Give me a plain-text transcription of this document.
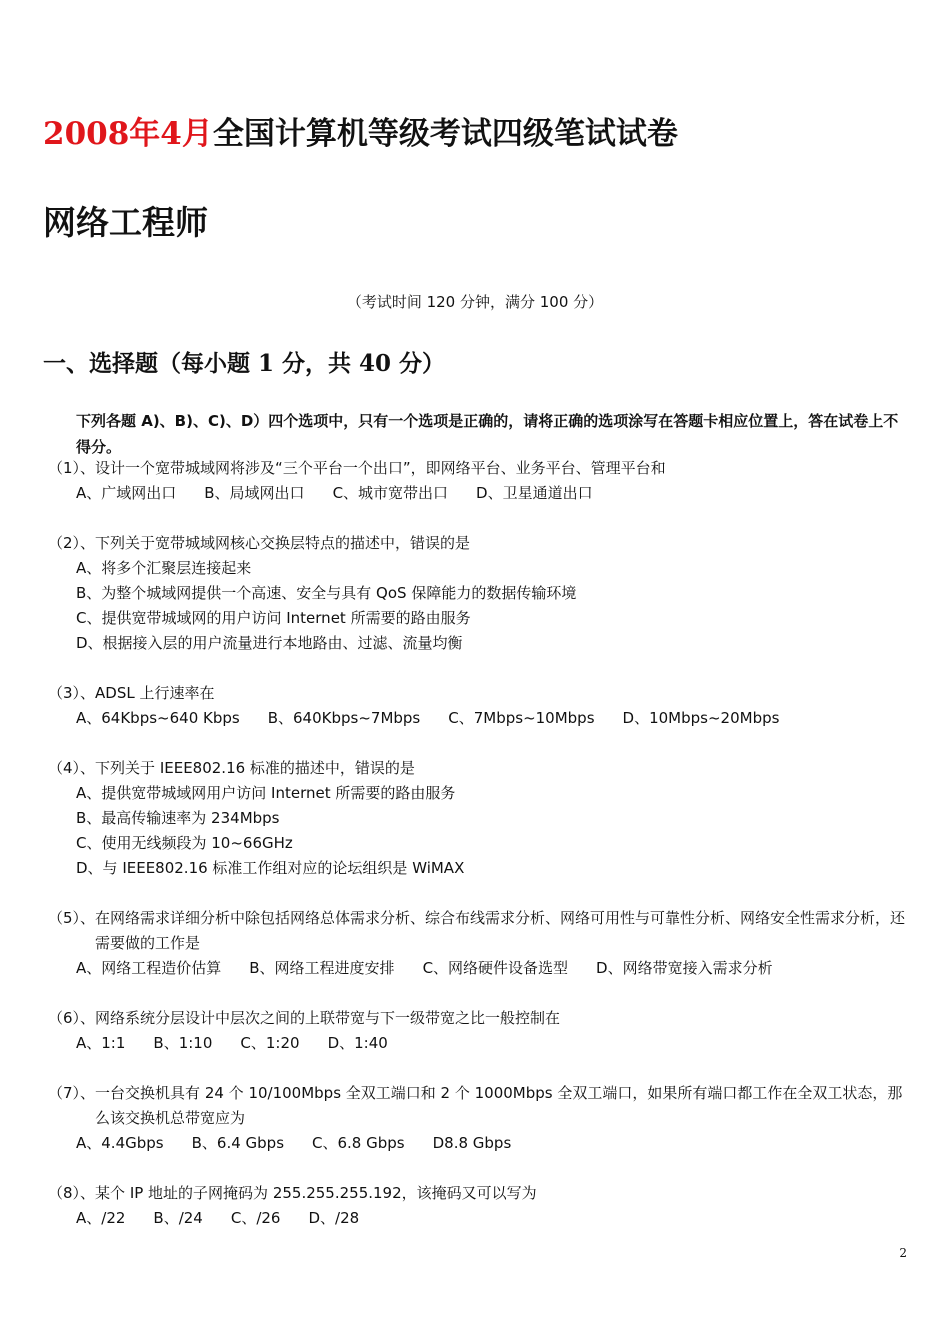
2008年4月全国计算机等级考试四级笔试试卷
网络工程师
（考试时间 120 分钟，满分 100 分）
一、选择题（每小题 1 分，共 40 分）
下列各题 A)、B)、C)、D）四个选项中，只有一个选项是正确的，请将正确的选项涂写在答题卡相应位置上，答在试卷上不得分。
（1）、 设计一个宽带城域网将涉及“三个平台一个出口”，即网络平台、业务平台、管理平台和
A、广域网出口 B、局域网出口 C、城市宽带出口 D、卫星通道出口
（2）、 下列关于宽带城域网核心交换层特点的描述中，错误的是
A、将多个汇聚层连接起来
B、为整个城域网提供一个高速、安全与具有 QoS 保障能力的数据传输环境
C、提供宽带城域网的用户访问 Internet 所需要的路由服务
D、根据接入层的用户流量进行本地路由、过滤、流量均衡
（3）、 ADSL 上行速率在
A、64Kbps~640 Kbps B、640Kbps~7Mbps C、7Mbps~10Mbps D、10Mbps~20Mbps
（4）、 下列关于 IEEE802.16 标准的描述中，错误的是
A、提供宽带城域网用户访问 Internet 所需要的路由服务
B、最高传输速率为 234Mbps
C、使用无线频段为 10~66GHz
D、与 IEEE802.16 标准工作组对应的论坛组织是 WiMAX
（5）、 在网络需求详细分析中除包括网络总体需求分析、综合布线需求分析、网络可用性与可靠性分析、网络安全性需求分析，还需要做的工作是
A、网络工程造价估算 B、网络工程进度安排 C、网络硬件设备选型 D、网络带宽接入需求分析
（6）、 网络系统分层设计中层次之间的上联带宽与下一级带宽之比一般控制在
A、1:1 B、1:10 C、1:20 D、1:40
（7）、 一台交换机具有 24 个 10/100Mbps 全双工端口和 2 个 1000Mbps 全双工端口，如果所有端口都工作在全双工状态，那么该交换机总带宽应为
A、4.4Gbps B、6.4 Gbps C、6.8 Gbps D8.8 Gbps
（8）、 某个 IP 地址的子网掩码为 255.255.255.192，该掩码又可以写为
A、/22 B、/24 C、/26 D、/28
2
